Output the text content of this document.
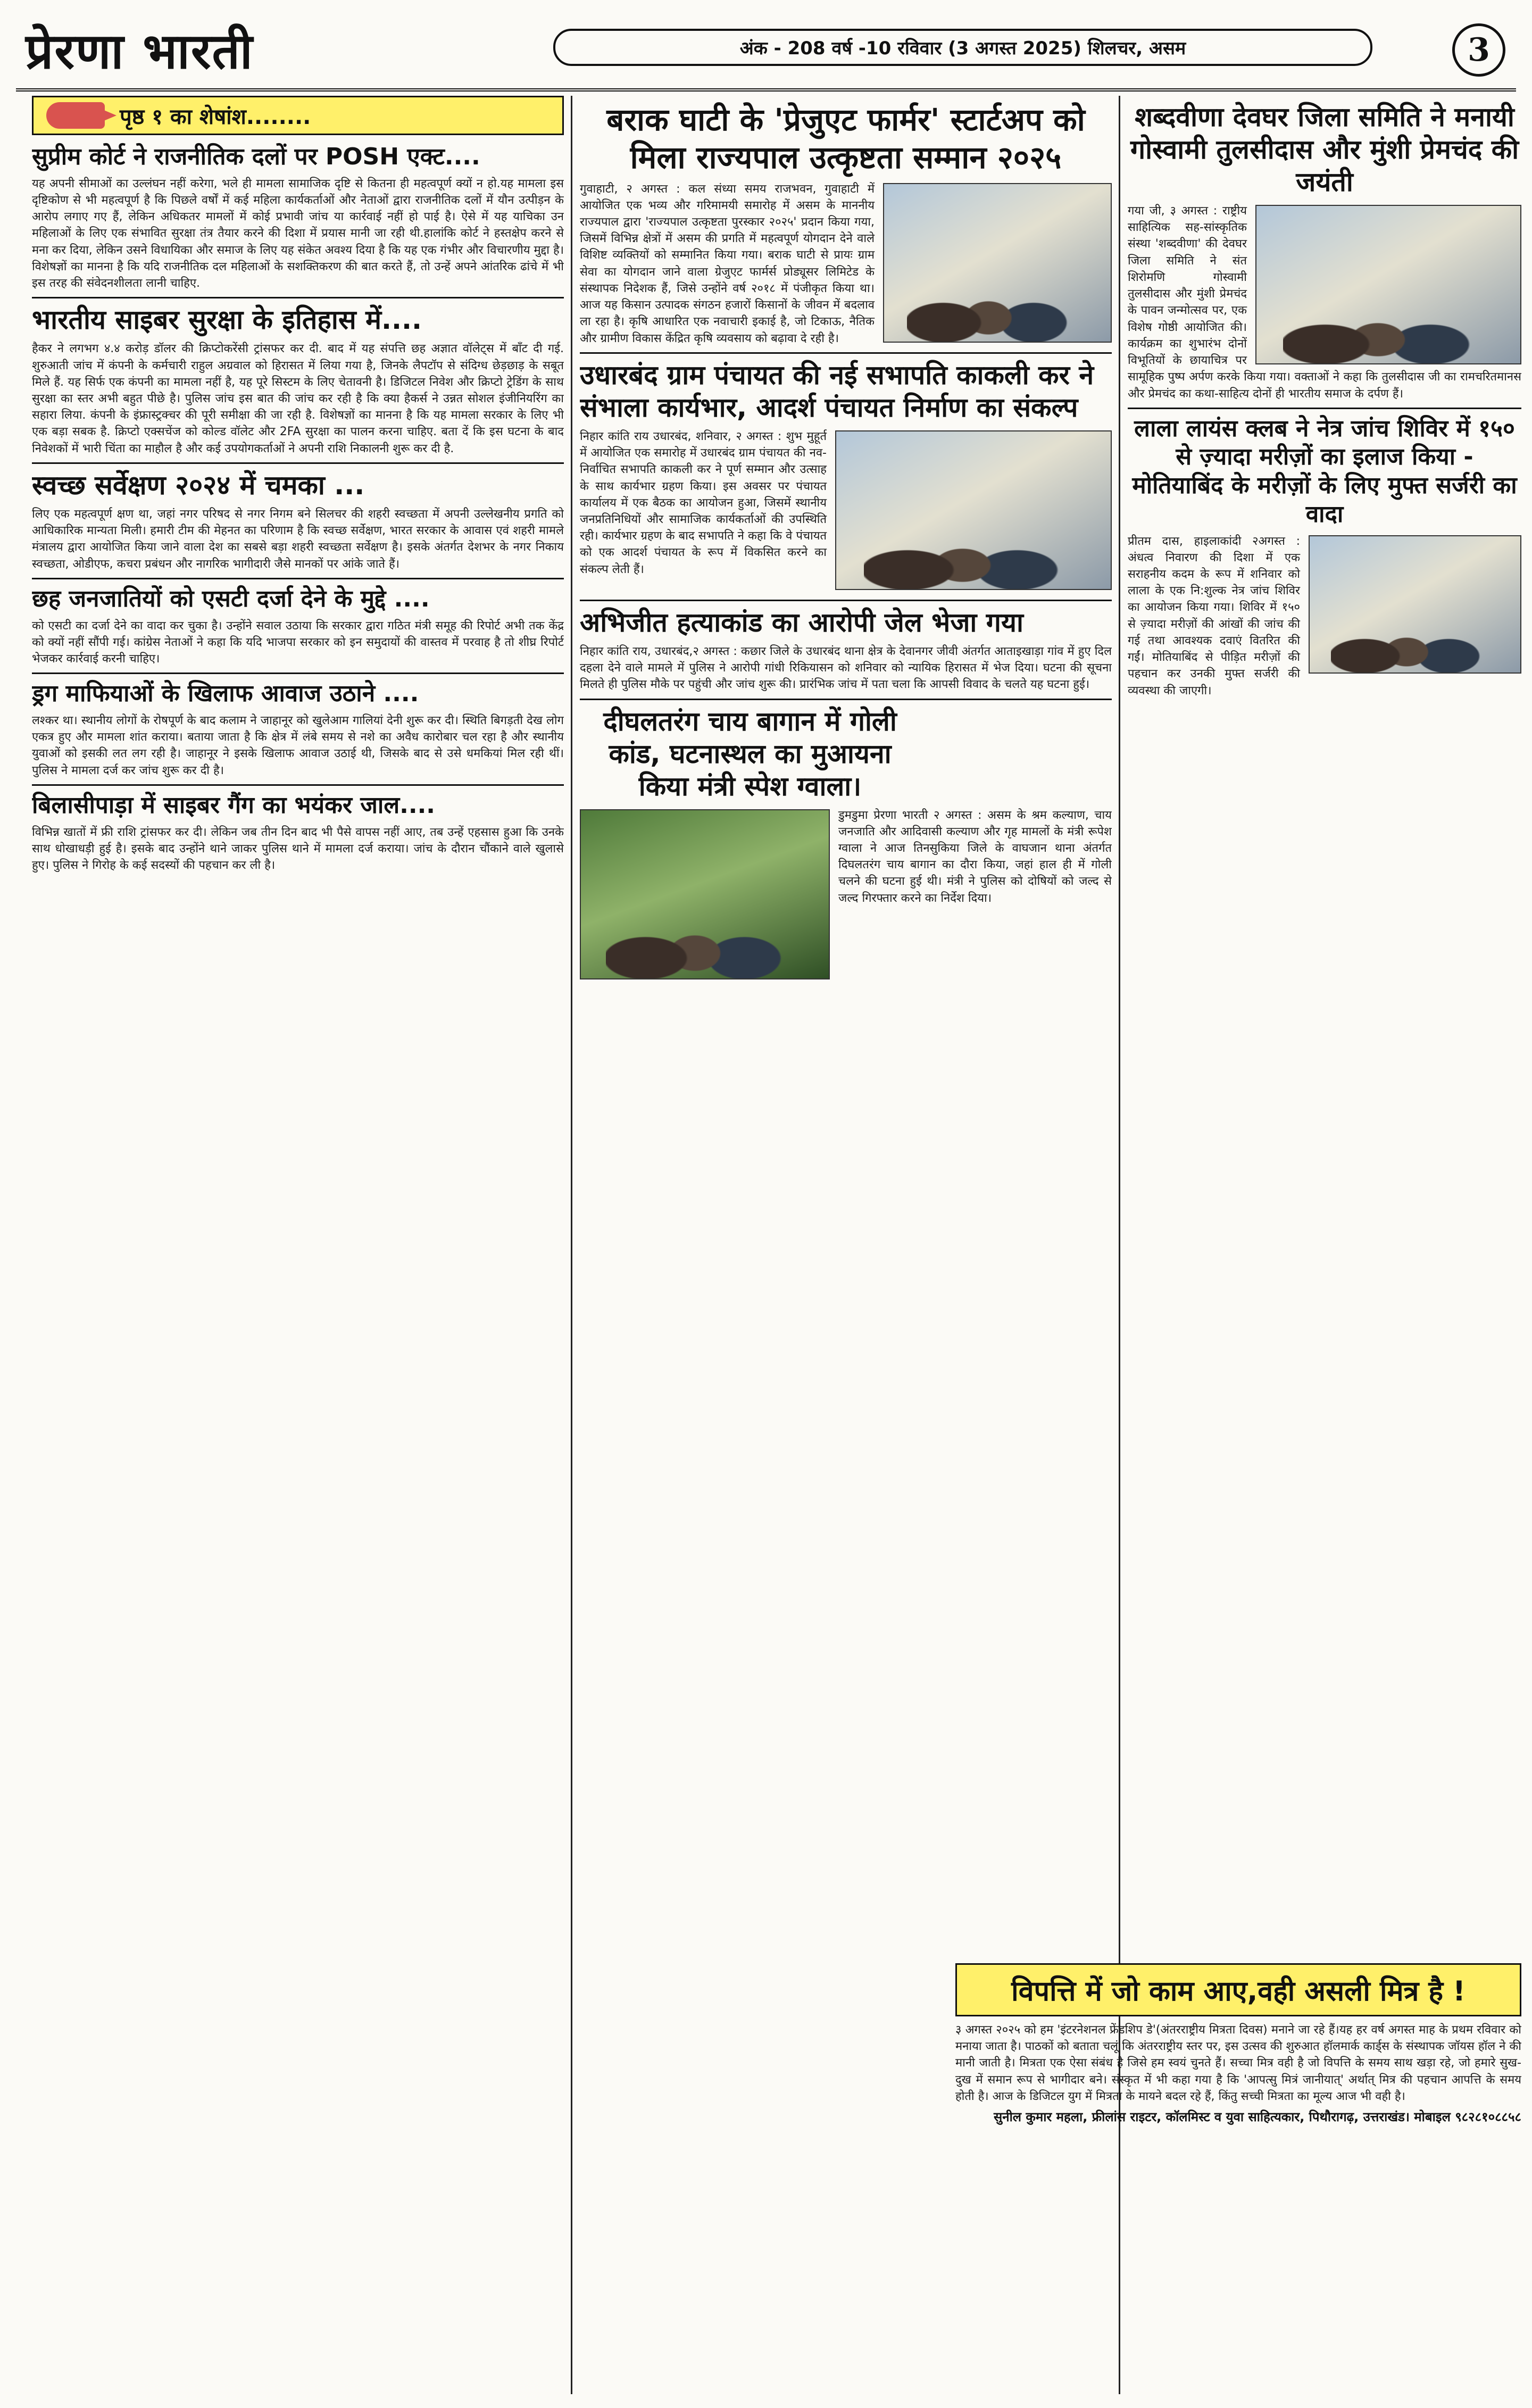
प्रेरणा भारती	अंक - 208 वर्ष -10 रविवार (3 अगस्त 2025) शिलचर, असम	3
पृष्ठ १ का शेषांश........
सुप्रीम कोर्ट ने राजनीतिक दलों पर POSH एक्ट....
यह अपनी सीमाओं का उल्लंघन नहीं करेगा, भले ही मामला सामाजिक दृष्टि से कितना ही महत्वपूर्ण क्यों न हो.यह मामला इस दृष्टिकोण से भी महत्वपूर्ण है कि पिछले वर्षों में कई महिला कार्यकर्ताओं और नेताओं द्वारा राजनीतिक दलों में यौन उत्पीड़न के आरोप लगाए गए हैं, लेकिन अधिकतर मामलों में कोई प्रभावी जांच या कार्रवाई नहीं हो पाई है। ऐसे में यह याचिका उन महिलाओं के लिए एक संभावित सुरक्षा तंत्र तैयार करने की दिशा में प्रयास मानी जा रही थी.हालांकि कोर्ट ने हस्तक्षेप करने से मना कर दिया, लेकिन उसने विधायिका और समाज के लिए यह संकेत अवश्य दिया है कि यह एक गंभीर और विचारणीय मुद्दा है। विशेषज्ञों का मानना है कि यदि राजनीतिक दल महिलाओं के सशक्तिकरण की बात करते हैं, तो उन्हें अपने आंतरिक ढांचे में भी इस तरह की संवेदनशीलता लानी चाहिए.
भारतीय साइबर सुरक्षा के इतिहास में....
हैकर ने लगभग ४.४ करोड़ डॉलर की क्रिप्टोकरेंसी ट्रांसफर कर दी. बाद में यह संपत्ति छह अज्ञात वॉलेट्स में बाँट दी गई. शुरुआती जांच में कंपनी के कर्मचारी राहुल अग्रवाल को हिरासत में लिया गया है, जिनके लैपटॉप से संदिग्ध छेड़छाड़ के सबूत मिले हैं. यह सिर्फ एक कंपनी का मामला नहीं है, यह पूरे सिस्टम के लिए चेतावनी है। डिजिटल निवेश और क्रिप्टो ट्रेडिंग के साथ सुरक्षा का स्तर अभी बहुत पीछे है। पुलिस जांच इस बात की जांच कर रही है कि क्या हैकर्स ने उन्नत सोशल इंजीनियरिंग का सहारा लिया. कंपनी के इंफ्रास्ट्रक्चर की पूरी समीक्षा की जा रही है. विशेषज्ञों का मानना है कि यह मामला सरकार के लिए भी एक बड़ा सबक है. क्रिप्टो एक्सचेंज को कोल्ड वॉलेट और 2FA सुरक्षा का पालन करना चाहिए. बता दें कि इस घटना के बाद निवेशकों में भारी चिंता का माहौल है और कई उपयोगकर्ताओं ने अपनी राशि निकालनी शुरू कर दी है.
स्वच्छ सर्वेक्षण २०२४ में चमका ...
लिए एक महत्वपूर्ण क्षण था, जहां नगर परिषद से नगर निगम बने सिलचर की शहरी स्वच्छता में अपनी उल्लेखनीय प्रगति को आधिकारिक मान्यता मिली। हमारी टीम की मेहनत का परिणाम है कि स्वच्छ सर्वेक्षण, भारत सरकार के आवास एवं शहरी मामले मंत्रालय द्वारा आयोजित किया जाने वाला देश का सबसे बड़ा शहरी स्वच्छता सर्वेक्षण है। इसके अंतर्गत देशभर के नगर निकाय स्वच्छता, ओडीएफ, कचरा प्रबंधन और नागरिक भागीदारी जैसे मानकों पर आंके जाते हैं।
छह जनजातियों को एसटी दर्जा देने के मुद्दे ....
को एसटी का दर्जा देने का वादा कर चुका है। उन्होंने सवाल उठाया कि सरकार द्वारा गठित मंत्री समूह की रिपोर्ट अभी तक केंद्र को क्यों नहीं सौंपी गई। कांग्रेस नेताओं ने कहा कि यदि भाजपा सरकार को इन समुदायों की वास्तव में परवाह है तो शीघ्र रिपोर्ट भेजकर कार्रवाई करनी चाहिए।
ड्रग माफियाओं के खिलाफ आवाज उठाने ....
लश्कर था। स्थानीय लोगों के रोषपूर्ण के बाद कलाम ने जाहानूर को खुलेआम गालियां देनी शुरू कर दी। स्थिति बिगड़ती देख लोग एकत्र हुए और मामला शांत कराया। बताया जाता है कि क्षेत्र में लंबे समय से नशे का अवैध कारोबार चल रहा है और स्थानीय युवाओं को इसकी लत लग रही है। जाहानूर ने इसके खिलाफ आवाज उठाई थी, जिसके बाद से उसे धमकियां मिल रही थीं। पुलिस ने मामला दर्ज कर जांच शुरू कर दी है।
बिलासीपाड़ा में साइबर गैंग का भयंकर जाल....
विभिन्न खातों में फ्री राशि ट्रांसफर कर दी। लेकिन जब तीन दिन बाद भी पैसे वापस नहीं आए, तब उन्हें एहसास हुआ कि उनके साथ धोखाधड़ी हुई है। इसके बाद उन्होंने थाने जाकर पुलिस थाने में मामला दर्ज कराया। जांच के दौरान चौंकाने वाले खुलासे हुए। पुलिस ने गिरोह के कई सदस्यों की पहचान कर ली है।
बराक घाटी के 'प्रेजुएट फार्मर' स्टार्टअप को मिला राज्यपाल उत्कृष्टता सम्मान २०२५
गुवाहाटी, २ अगस्त : कल संध्या समय राजभवन, गुवाहाटी में आयोजित एक भव्य और गरिमामयी समारोह में असम के माननीय राज्यपाल द्वारा 'राज्यपाल उत्कृष्टता पुरस्कार २०२५' प्रदान किया गया, जिसमें विभिन्न क्षेत्रों में असम की प्रगति में महत्वपूर्ण योगदान देने वाले विशिष्ट व्यक्तियों को सम्मानित किया गया। बराक घाटी से प्रायः ग्राम सेवा का योगदान जाने वाला ग्रेजुएट फार्मर्स प्रोड्यूसर लिमिटेड के संस्थापक निदेशक हैं, जिसे उन्होंने वर्ष २०१८ में पंजीकृत किया था। आज यह किसान उत्पादक संगठन हजारों किसानों के जीवन में बदलाव ला रहा है। कृषि आधारित एक नवाचारी इकाई है, जो टिकाऊ, नैतिक और ग्रामीण विकास केंद्रित कृषि व्यवसाय को बढ़ावा दे रही है।
उधारबंद ग्राम पंचायत की नई सभापति काकली कर ने संभाला कार्यभार, आदर्श पंचायत निर्माण का संकल्प
निहार कांति राय उधारबंद, शनिवार, २ अगस्त : शुभ मुहूर्त में आयोजित एक समारोह में उधारबंद ग्राम पंचायत की नव-निर्वाचित सभापति काकली कर ने पूर्ण सम्मान और उत्साह के साथ कार्यभार ग्रहण किया। इस अवसर पर पंचायत कार्यालय में एक बैठक का आयोजन हुआ, जिसमें स्थानीय जनप्रतिनिधियों और सामाजिक कार्यकर्ताओं की उपस्थिति रही। कार्यभार ग्रहण के बाद सभापति ने कहा कि वे पंचायत को एक आदर्श पंचायत के रूप में विकसित करने का संकल्प लेती हैं।
अभिजीत हत्याकांड का आरोपी जेल भेजा गया
निहार कांति राय, उधारबंद,२ अगस्त : कछार जिले के उधारबंद थाना क्षेत्र के देवानगर जीवी अंतर्गत आताइखाड़ा गांव में हुए दिल दहला देने वाले मामले में पुलिस ने आरोपी गांधी रिकियासन को शनिवार को न्यायिक हिरासत में भेज दिया। घटना की सूचना मिलते ही पुलिस मौके पर पहुंची और जांच शुरू की। प्रारंभिक जांच में पता चला कि आपसी विवाद के चलते यह घटना हुई।
दीघलतरंग चाय बागान में गोली कांड, घटनास्थल का मुआयना किया मंत्री स्पेश ग्वाला।
डुमडुमा प्रेरणा भारती २ अगस्त : असम के श्रम कल्याण, चाय जनजाति और आदिवासी कल्याण और गृह मामलों के मंत्री रूपेश ग्वाला ने आज तिनसुकिया जिले के वाघजान थाना अंतर्गत दिघलतरंग चाय बागान का दौरा किया, जहां हाल ही में गोली चलने की घटना हुई थी। मंत्री ने पुलिस को दोषियों को जल्द से जल्द गिरफ्तार करने का निर्देश दिया।
शब्दवीणा देवघर जिला समिति ने मनायी गोस्वामी तुलसीदास और मुंशी प्रेमचंद की जयंती
गया जी, ३ अगस्त : राष्ट्रीय साहित्यिक सह-सांस्कृतिक संस्था 'शब्दवीणा' की देवघर जिला समिति ने संत शिरोमणि गोस्वामी तुलसीदास और मुंशी प्रेमचंद के पावन जन्मोत्सव पर, एक विशेष गोष्ठी आयोजित की। कार्यक्रम का शुभारंभ दोनों विभूतियों के छायाचित्र पर सामूहिक पुष्प अर्पण करके किया गया। वक्ताओं ने कहा कि तुलसीदास जी का रामचरितमानस और प्रेमचंद का कथा-साहित्य दोनों ही भारतीय समाज के दर्पण हैं।
लाला लायंस क्लब ने नेत्र जांच शिविर में १५० से ज़्यादा मरीज़ों का इलाज किया - मोतियाबिंद के मरीज़ों के लिए मुफ्त सर्जरी का वादा
प्रीतम दास, हाइलाकांदी २अगस्त : अंधत्व निवारण की दिशा में एक सराहनीय कदम के रूप में शनिवार को लाला के एक नि:शुल्क नेत्र जांच शिविर का आयोजन किया गया। शिविर में १५० से ज़्यादा मरीज़ों की आंखों की जांच की गई तथा आवश्यक दवाएं वितरित की गईं। मोतियाबिंद से पीड़ित मरीज़ों की पहचान कर उनकी मुफ्त सर्जरी की व्यवस्था की जाएगी।
विपत्ति में जो काम आए,वही असली मित्र है !
३ अगस्त २०२५ को हम 'इंटरनेशनल फ्रेंडशिप डे'(अंतरराष्ट्रीय मित्रता दिवस) मनाने जा रहे हैं।यह हर वर्ष अगस्त माह के प्रथम रविवार को मनाया जाता है। पाठकों को बताता चलूं कि अंतरराष्ट्रीय स्तर पर, इस उत्सव की शुरुआत हॉलमार्क कार्ड्स के संस्थापक जॉयस हॉल ने की मानी जाती है। मित्रता एक ऐसा संबंध है जिसे हम स्वयं चुनते हैं। सच्चा मित्र वही है जो विपत्ति के समय साथ खड़ा रहे, जो हमारे सुख-दुख में समान रूप से भागीदार बने। संस्कृत में भी कहा गया है कि 'आपत्सु मित्रं जानीयात्' अर्थात् मित्र की पहचान आपत्ति के समय होती है। आज के डिजिटल युग में मित्रता के मायने बदल रहे हैं, किंतु सच्ची मित्रता का मूल्य आज भी वही है।
सुनील कुमार महला, फ्रीलांस राइटर, कॉलमिस्ट व युवा साहित्यकार, पिथौरागढ़, उत्तराखंड। मोबाइल ९८२८१०८८५८
